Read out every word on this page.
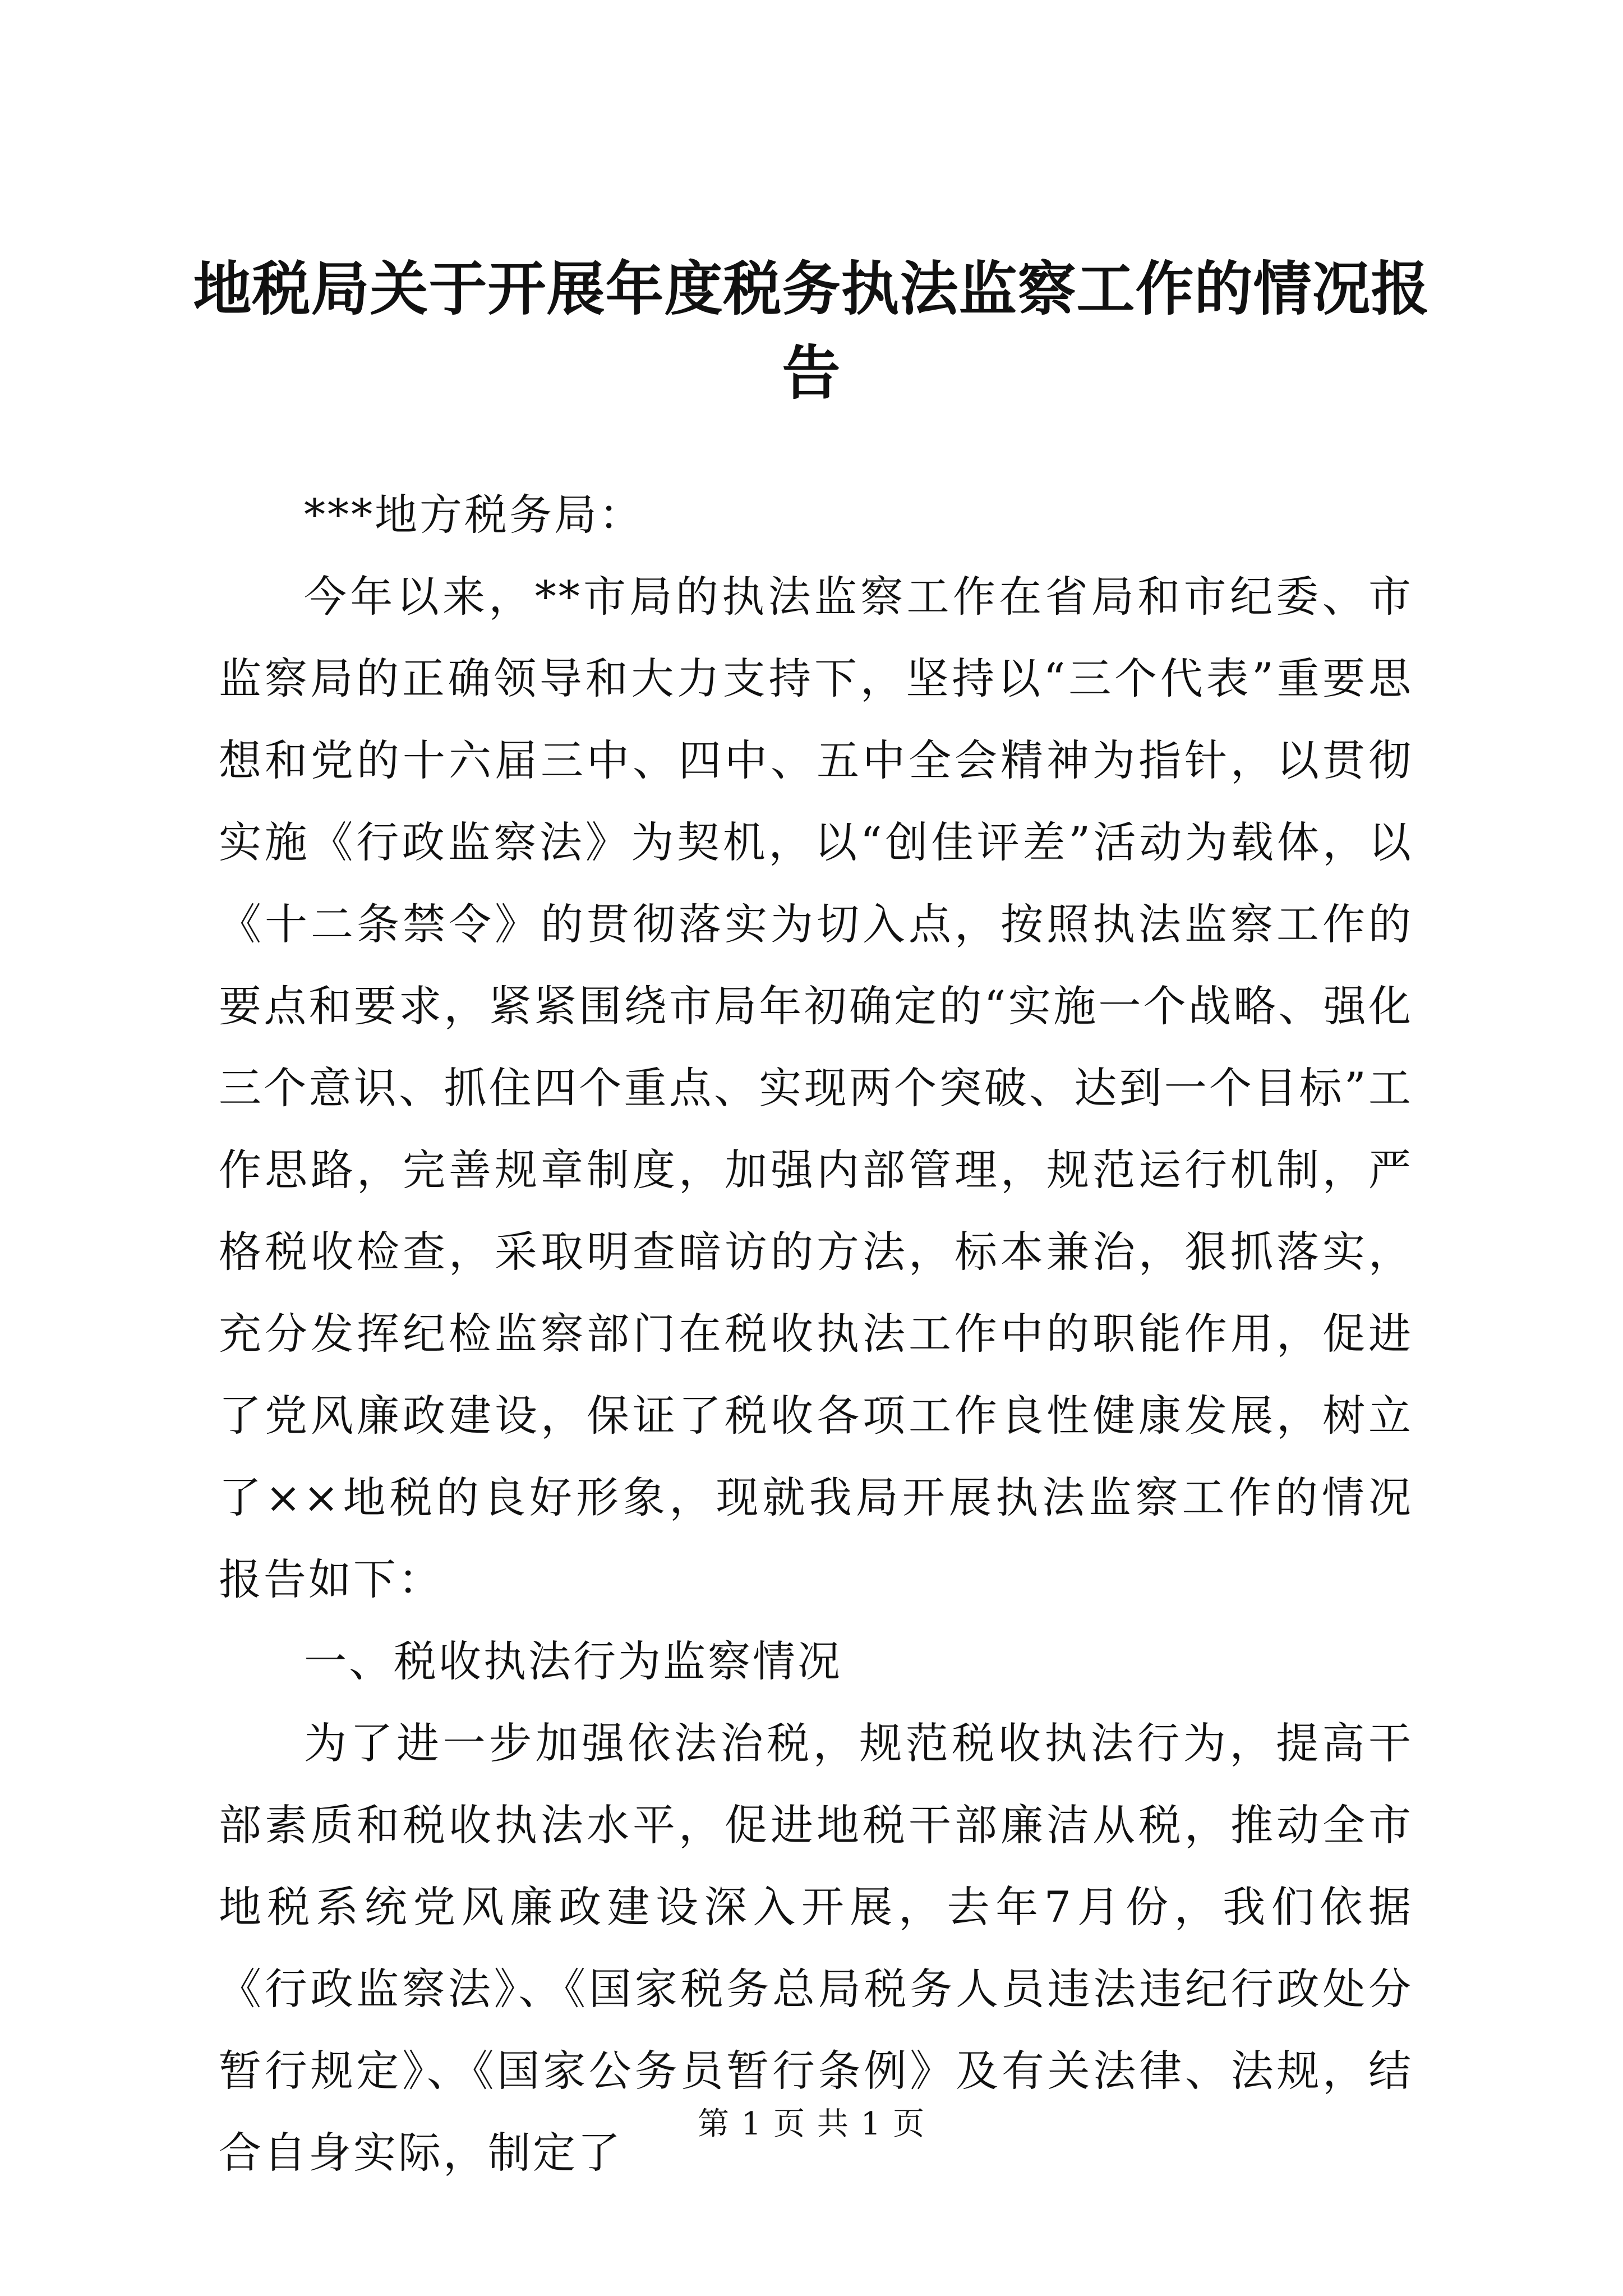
地税局关于开展年度税务执法监察工作的情况报告

***地方税务局：

今年以来，**市局的执法监察工作在省局和市纪委、市监察局的正确领导和大力支持下，坚持以“三个代表”重要思想和党的十六届三中、四中、五中全会精神为指针，以贯彻实施《行政监察法》为契机，以“创佳评差”活动为载体，以《十二条禁令》的贯彻落实为切入点，按照执法监察工作的要点和要求，紧紧围绕市局年初确定的“实施一个战略、强化三个意识、抓住四个重点、实现两个突破、达到一个目标”工作思路，完善规章制度，加强内部管理，规范运行机制，严格税收检查，采取明查暗访的方法，标本兼治，狠抓落实，充分发挥纪检监察部门在税收执法工作中的职能作用，促进了党风廉政建设，保证了税收各项工作良性健康发展，树立了××地税的良好形象，现就我局开展执法监察工作的情况报告如下：

一、税收执法行为监察情况

为了进一步加强依法治税，规范税收执法行为，提高干部素质和税收执法水平，促进地税干部廉洁从税，推动全市地税系统党风廉政建设深入开展，去年7月份，我们依据《行政监察法》、《国家税务总局税务人员违法违纪行政处分暂行规定》、《国家公务员暂行条例》及有关法律、法规，结合自身实际，制定了

第 1 页 共 1 页
